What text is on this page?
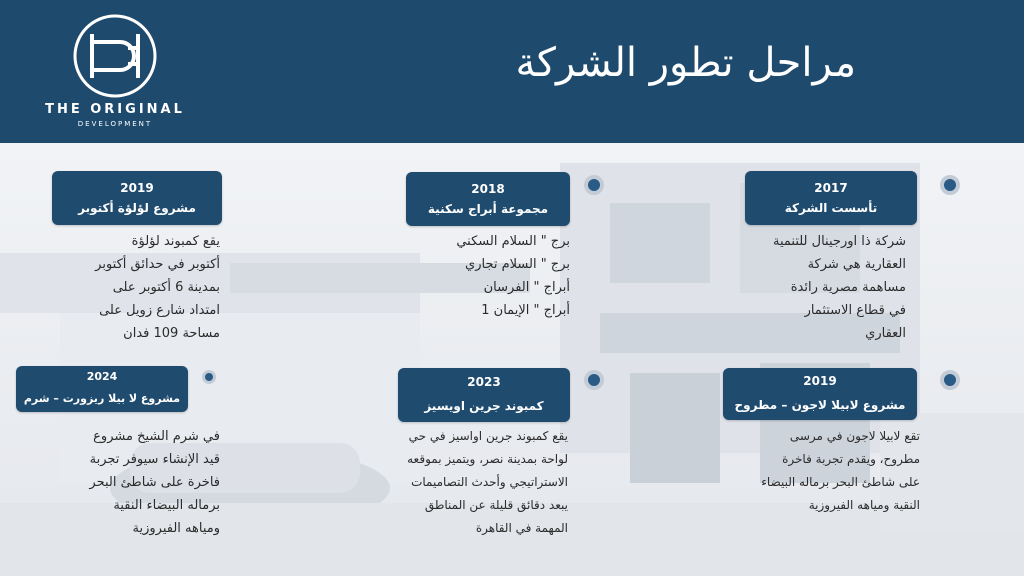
THE ORIGINAL
DEVELOPMENT
مراحل تطور الشركة
2019
مشروع لؤلؤة أكتوبر
يقع كمبوند لؤلؤة
أكتوبر في حدائق أكتوبر
بمدينة 6 أكتوبر على
امتداد شارع زويل على
مساحة 109 فدان
2018
مجموعة أبراج سكنية
برج " السلام السكني
برج " السلام تجاري
أبراج " الفرسان
أبراج " الإيمان 1
2017
تأسست الشركة
شركة ذا اورجينال للتنمية
العقارية هي شركة
مساهمة مصرية رائدة
في قطاع الاستثمار
العقاري
2024
مشروع لا بيلا ريزورت – شرم
في شرم الشيخ مشروع
قيد الإنشاء سيوفر تجربة
فاخرة على شاطئ البحر
برماله البيضاء النقية
ومياهه الفيروزية
2023
كمبوند جرين اويسيز
يقع كمبوند جرين اواسيز في حي
لواحة بمدينة نصر، ويتميز بموقعه
الاستراتيجي وأحدث التصاميمات
يبعد دقائق قليلة عن المناطق
المهمة في القاهرة
2019
مشروع لابيلا لاجون – مطروح
تقع لابيلا لاجون في مرسى
مطروح، ويقدم تجربة فاخرة
على شاطئ البحر برماله البيضاء
النقية ومياهه الفيروزية
